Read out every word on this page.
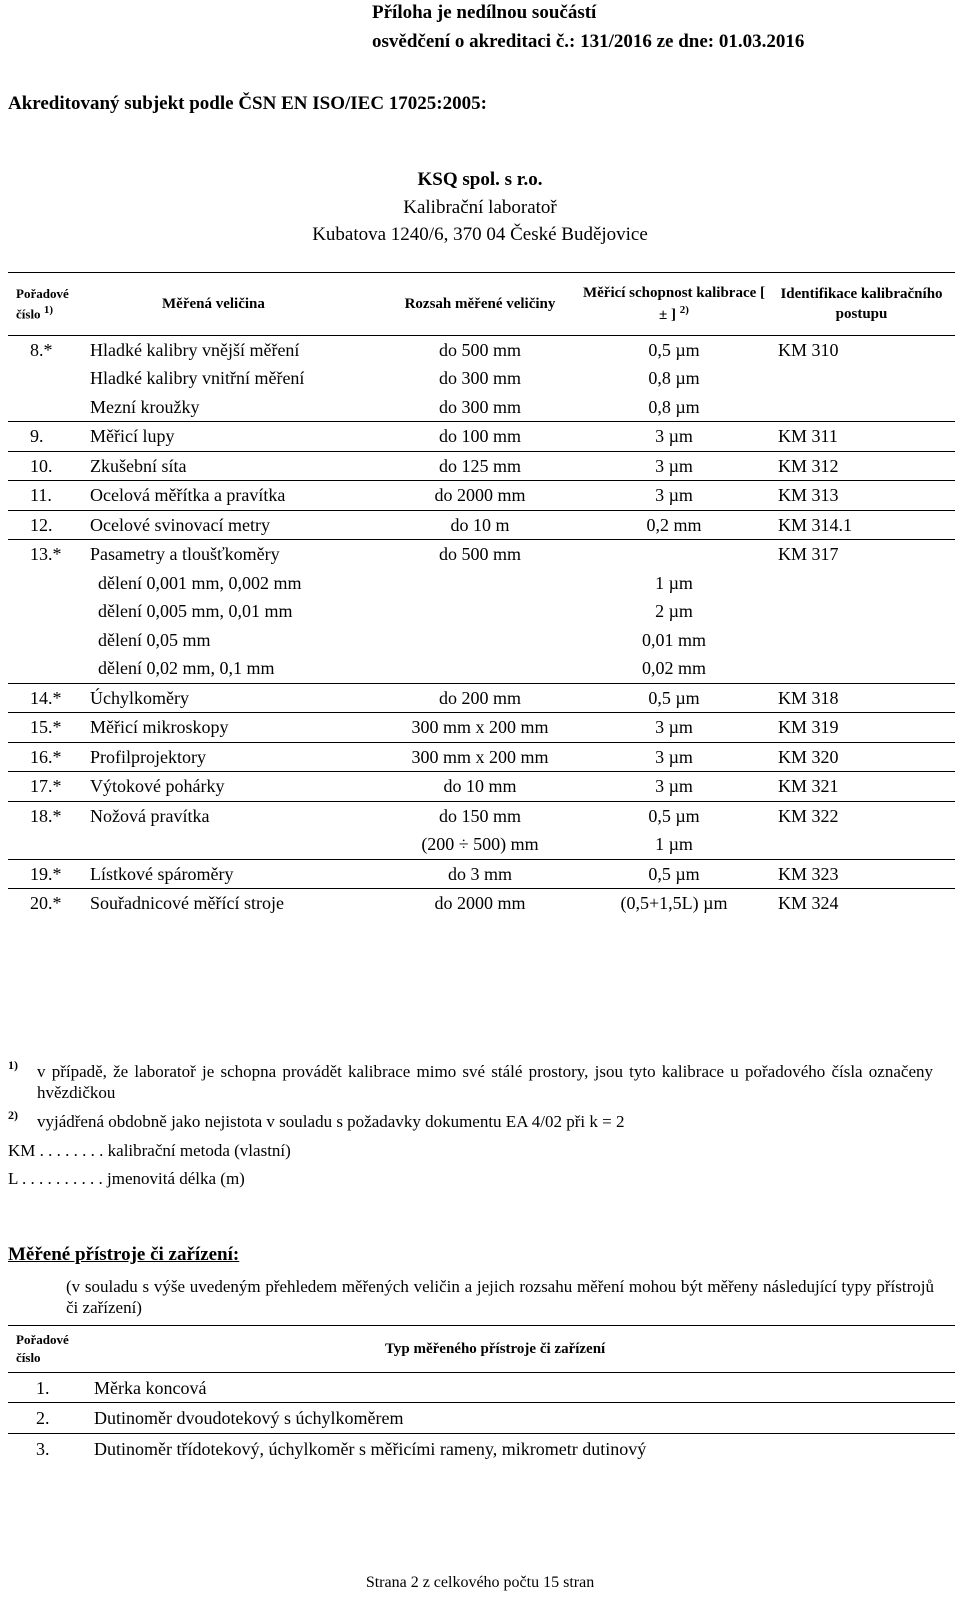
Příloha je nedílnou součástí
osvědčení o akreditaci č.: 131/2016 ze dne: 01.03.2016
Akreditovaný subjekt podle ČSN EN ISO/IEC 17025:2005:
KSQ spol. s r.o.
Kalibrační laboratoř
Kubatova 1240/6, 370 04 České Budějovice
Pořadové číslo $^{1)}$	Měřená veličina	Rozsah měřené veličiny	Měřicí schopnost kalibrace [ ± ] $^{2)}$	Identifikace kalibračního postupu
8.*	Hladké kalibry vnější měření	do 500 mm	0,5 µm	KM 310
	Hladké kalibry vnitřní měření	do 300 mm	0,8 µm	
	Mezní kroužky	do 300 mm	0,8 µm	
9.	Měřicí lupy	do 100 mm	3 µm	KM 311
10.	Zkušební síta	do 125 mm	3 µm	KM 312
11.	Ocelová měřítka a pravítka	do 2000 mm	3 µm	KM 313
12.	Ocelové svinovací metry	do 10 m	0,2 mm	KM 314.1
13.*	Pasametry a tloušťkoměry	do 500 mm		KM 317
	dělení 0,001 mm, 0,002 mm		1 µm	
	dělení 0,005 mm, 0,01 mm		2 µm	
	dělení 0,05 mm		0,01 mm	
	dělení 0,02 mm, 0,1 mm		0,02 mm	
14.*	Úchylkoměry	do 200 mm	0,5 µm	KM 318
15.*	Měřicí mikroskopy	300 mm x 200 mm	3 µm	KM 319
16.*	Profilprojektory	300 mm x 200 mm	3 µm	KM 320
17.*	Výtokové pohárky	do 10 mm	3 µm	KM 321
18.*	Nožová pravítka	do 150 mm	0,5 µm	KM 322
		(200 ÷ 500) mm	1 µm	
19.*	Lístkové spároměry	do 3 mm	0,5 µm	KM 323
20.*	Souřadnicové měřící stroje	do 2000 mm	(0,5+1,5L) µm	KM 324
1) v případě, že laboratoř je schopna provádět kalibrace mimo své stálé prostory, jsou tyto kalibrace u pořadového čísla označeny hvězdičkou
2) vyjádřená obdobně jako nejistota v souladu s požadavky dokumentu EA 4/02 při k = 2
KM . . . . . . . . kalibrační metoda (vlastní)
L . . . . . . . . . . jmenovitá délka (m)
Měřené přístroje či zařízení:
(v souladu s výše uvedeným přehledem měřených veličin a jejich rozsahu měření mohou být měřeny následující typy přístrojů či zařízení)
Pořadové číslo	Typ měřeného přístroje či zařízení
1.	Měrka koncová
2.	Dutinoměr dvoudotekový s úchylkoměrem
3.	Dutinoměr třídotekový, úchylkoměr s měřicími rameny, mikrometr dutinový
Strana 2 z celkového počtu 15 stran
